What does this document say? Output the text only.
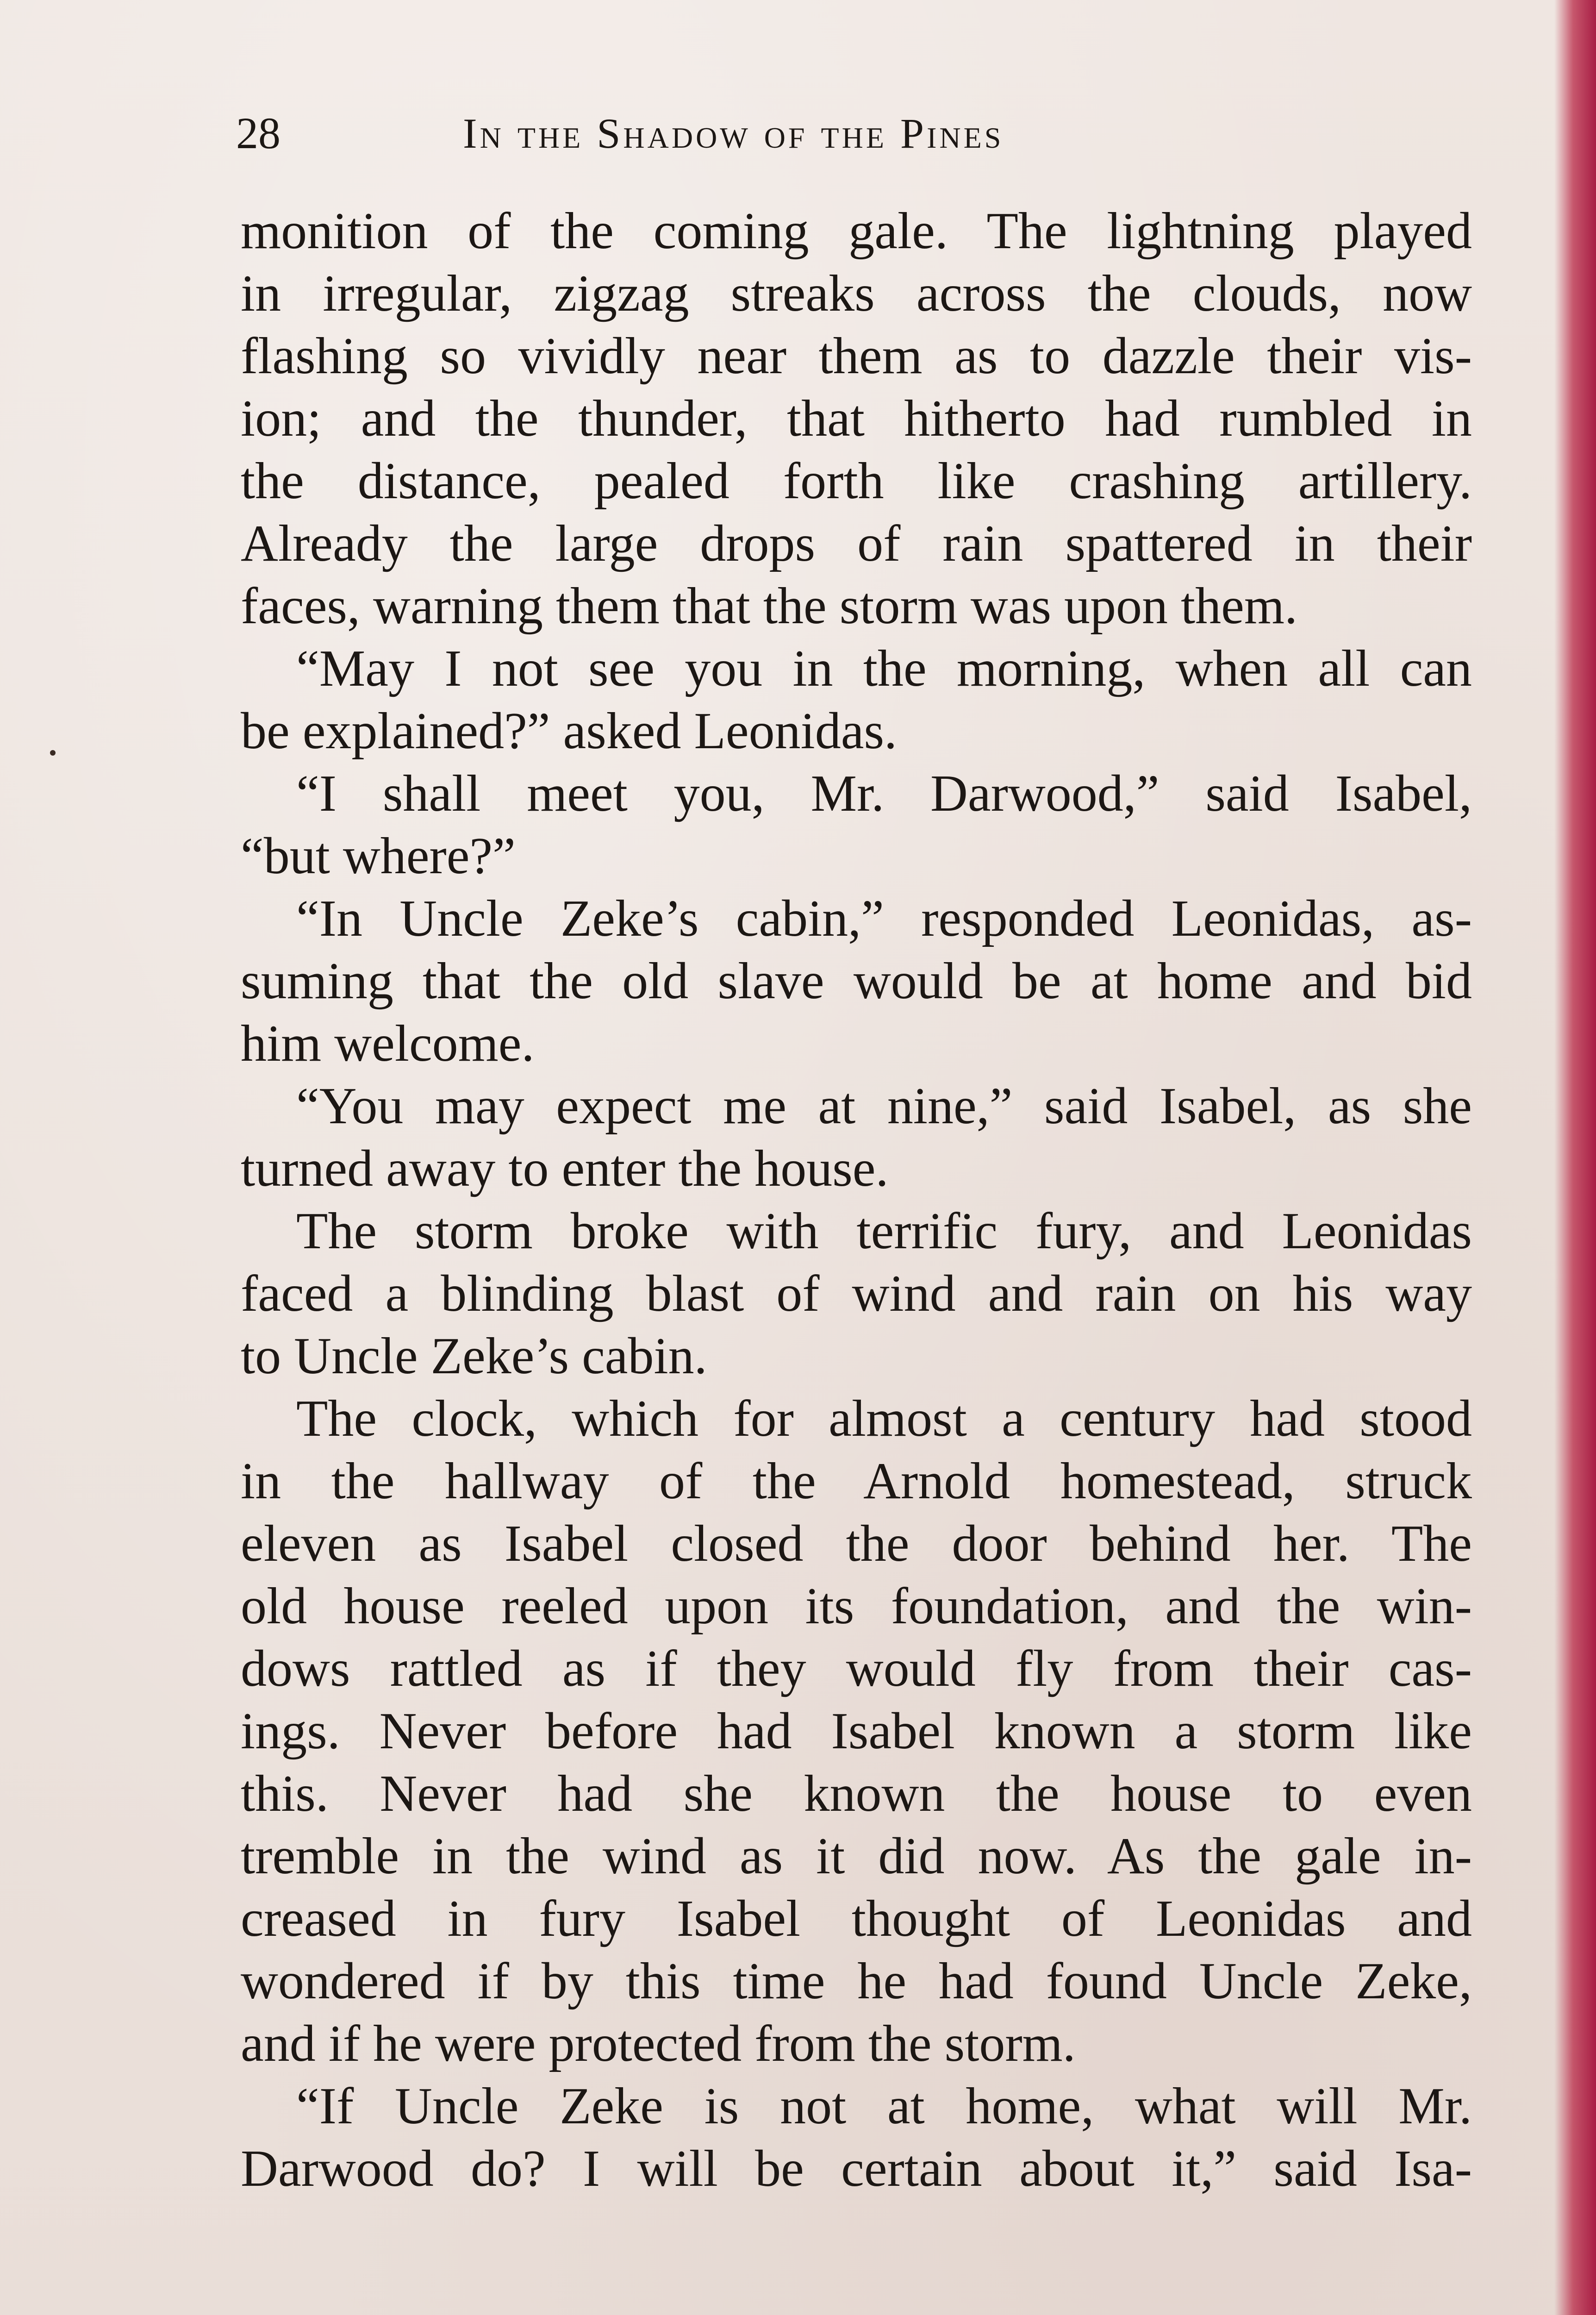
28	In the Shadow of the Pines
monition of the coming gale. The lightning played
in irregular, zigzag streaks across the clouds, now
flashing so vividly near them as to dazzle their vis-
ion; and the thunder, that hitherto had rumbled in
the distance, pealed forth like crashing artillery.
Already the large drops of rain spattered in their
faces, warning them that the storm was upon them.
“May I not see you in the morning, when all can
be explained?” asked Leonidas.
“I shall meet you, Mr. Darwood,” said Isabel,
“but where?”
“In Uncle Zeke’s cabin,” responded Leonidas, as-
suming that the old slave would be at home and bid
him welcome.
“You may expect me at nine,” said Isabel, as she
turned away to enter the house.
The storm broke with terrific fury, and Leonidas
faced a blinding blast of wind and rain on his way
to Uncle Zeke’s cabin.
The clock, which for almost a century had stood
in the hallway of the Arnold homestead, struck
eleven as Isabel closed the door behind her. The
old house reeled upon its foundation, and the win-
dows rattled as if they would fly from their cas-
ings. Never before had Isabel known a storm like
this. Never had she known the house to even
tremble in the wind as it did now. As the gale in-
creased in fury Isabel thought of Leonidas and
wondered if by this time he had found Uncle Zeke,
and if he were protected from the storm.
“If Uncle Zeke is not at home, what will Mr.
Darwood do? I will be certain about it,” said Isa-
